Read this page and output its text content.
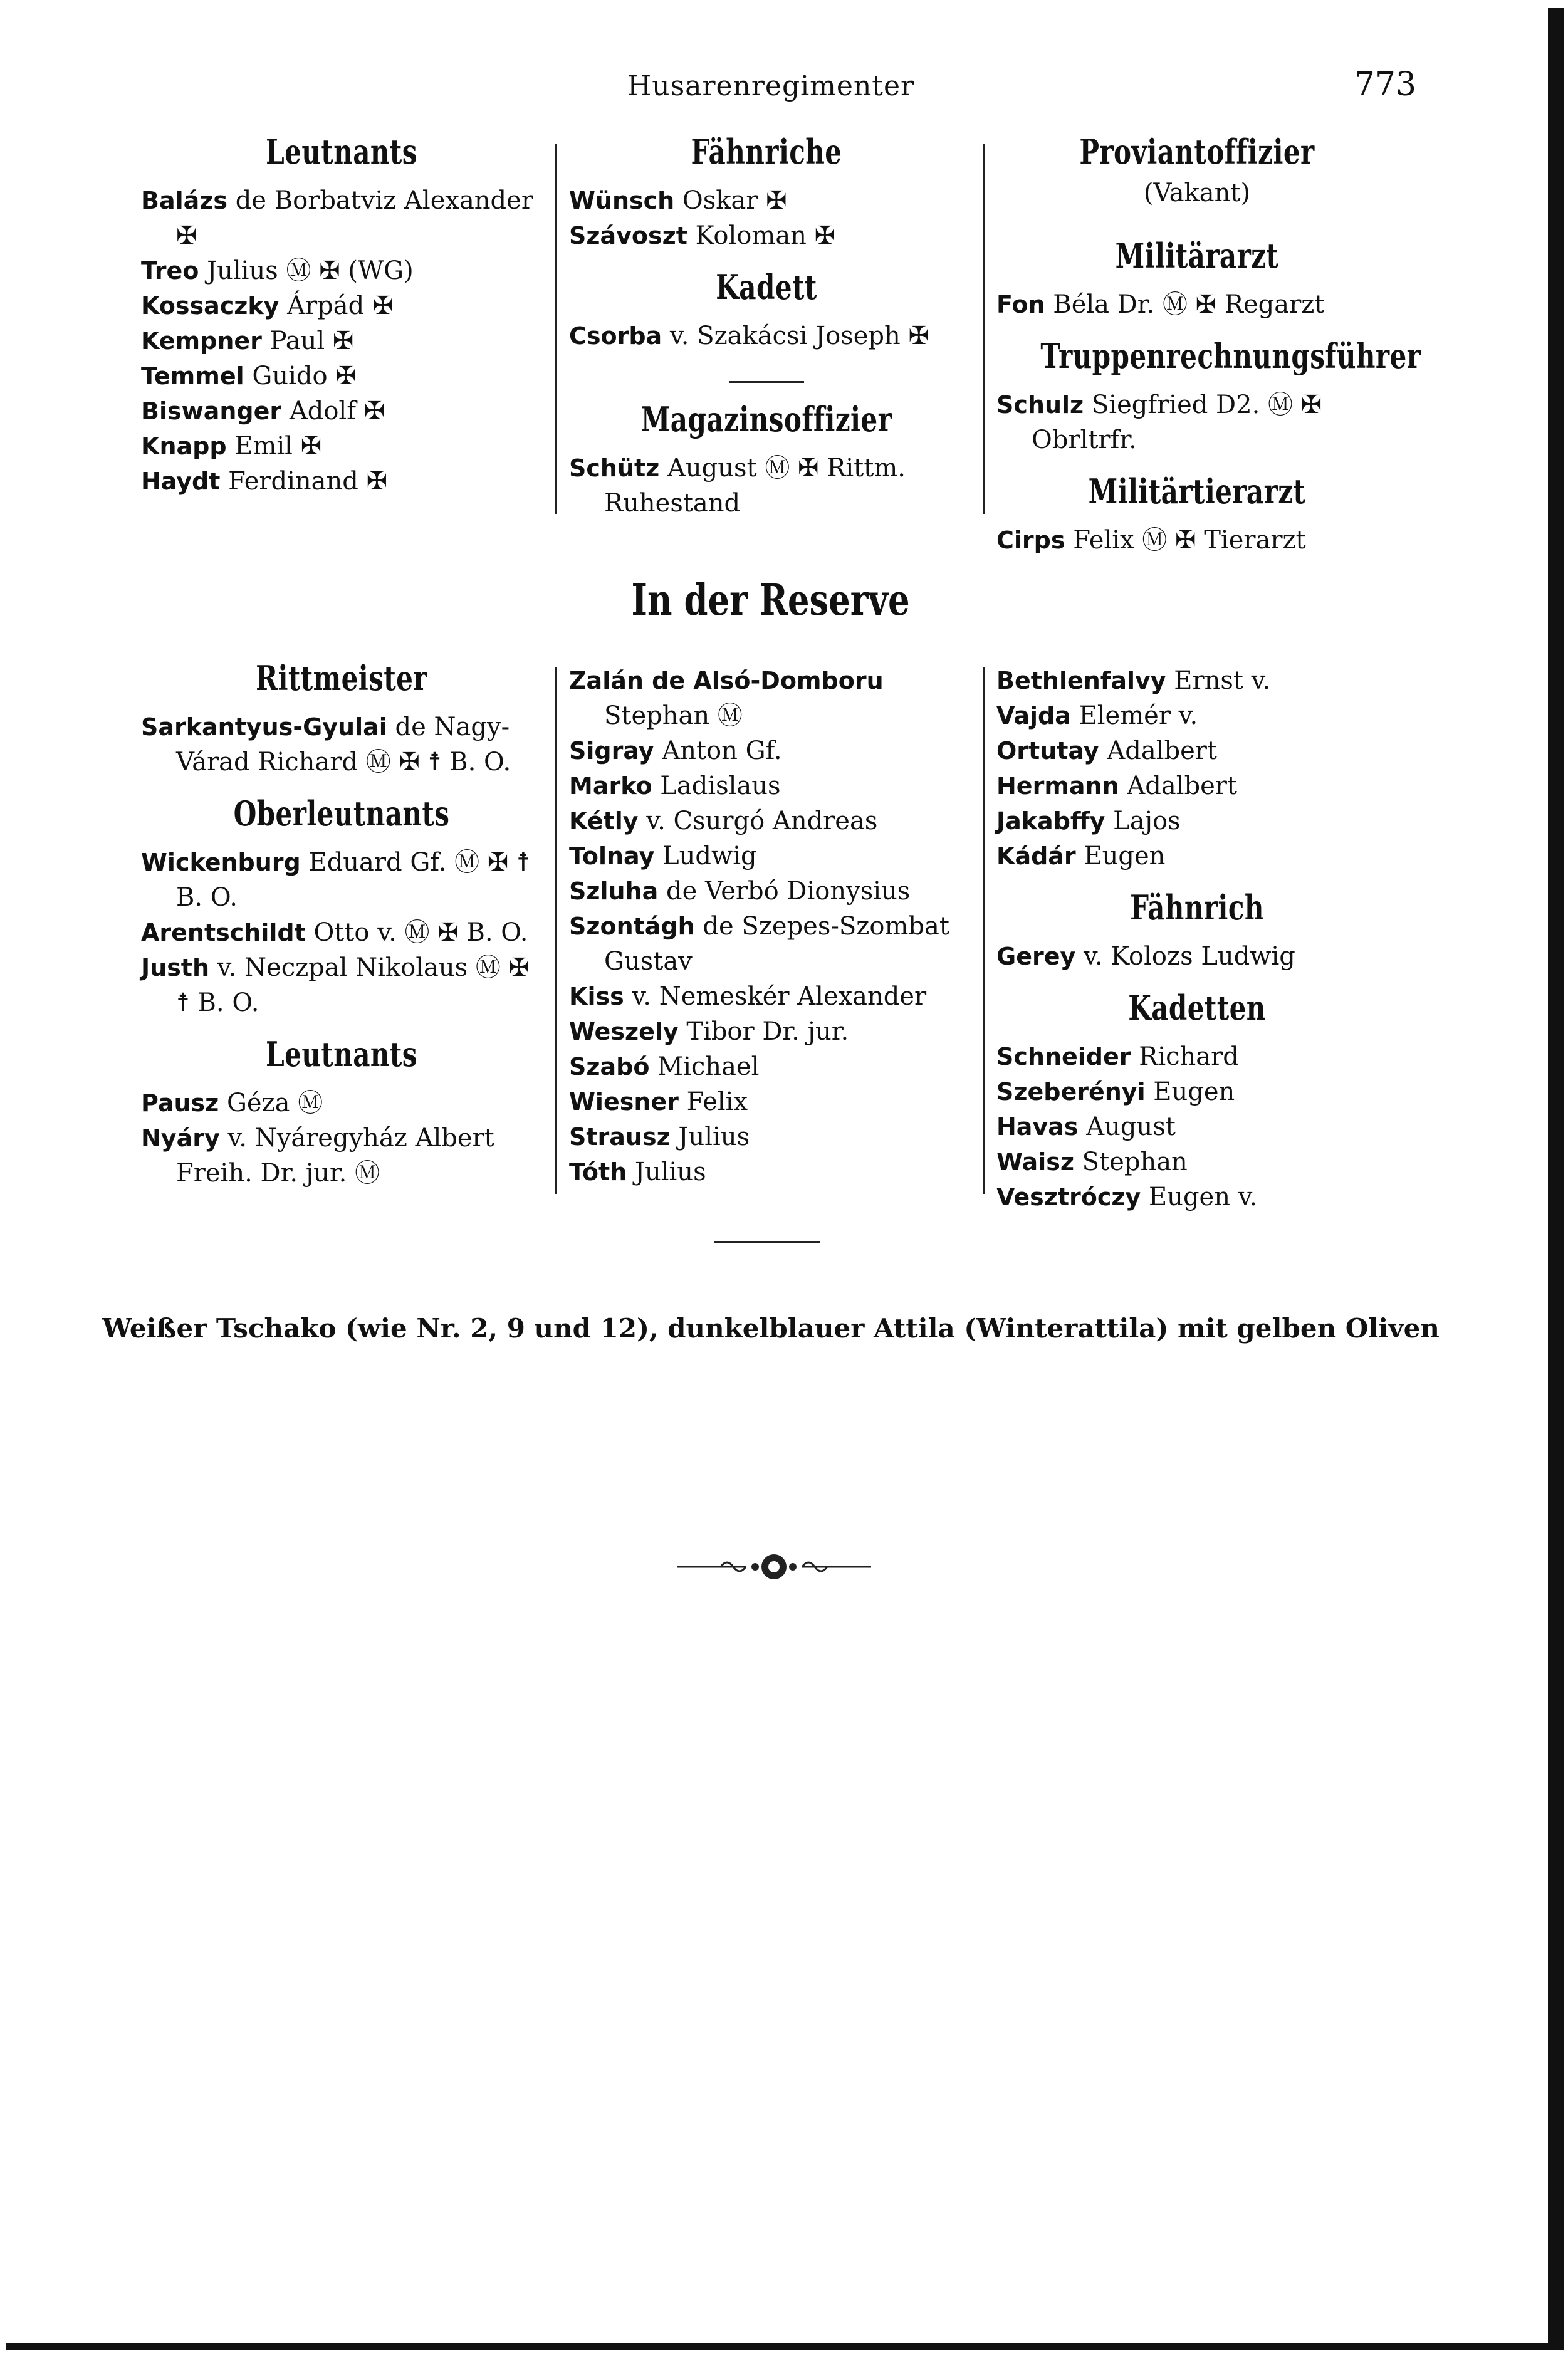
Husarenregimenter	773
Leutnants
Balázs de Borbatviz Alexander ✠
Treo Julius Ⓜ ✠ (WG)
Kossaczky Árpád ✠
Kempner Paul ✠
Temmel Guido ✠
Biswanger Adolf ✠
Knapp Emil ✠
Haydt Ferdinand ✠
Fähnriche
Wünsch Oskar ✠
Szávoszt Koloman ✠
Kadett
Csorba v. Szakácsi Joseph ✠
Magazinsoffizier
Schütz August Ⓜ ✠ Rittm. Ruhestand
Proviantoffizier
(Vakant)
Militärarzt
Fon Béla Dr. Ⓜ ✠ Regarzt
Truppenrechnungsführer
Schulz Siegfried D2. Ⓜ ✠ Obrltrfr.
Militärtierarzt
Cirps Felix Ⓜ ✠ Tierarzt
In der Reserve
Rittmeister
Sarkantyus-Gyulai de Nagy-Várad Richard Ⓜ ✠ ☨ B. O.
Oberleutnants
Wickenburg Eduard Gf. Ⓜ ✠ ☨ B. O.
Arentschildt Otto v. Ⓜ ✠ B. O.
Justh v. Neczpal Nikolaus Ⓜ ✠ ☨ B. O.
Leutnants
Pausz Géza Ⓜ
Nyáry v. Nyáregyház Albert Freih. Dr. jur. Ⓜ
Zalán de Alsó-Domboru Stephan Ⓜ
Sigray Anton Gf.
Marko Ladislaus
Kétly v. Csurgó Andreas
Tolnay Ludwig
Szluha de Verbó Dionysius
Szontágh de Szepes-Szombat Gustav
Kiss v. Nemeskér Alexander
Weszely Tibor Dr. jur.
Szabó Michael
Wiesner Felix
Strausz Julius
Tóth Julius
Bethlenfalvy Ernst v.
Vajda Elemér v.
Ortutay Adalbert
Hermann Adalbert
Jakabffy Lajos
Kádár Eugen
Fähnrich
Gerey v. Kolozs Ludwig
Kadetten
Schneider Richard
Szeberényi Eugen
Havas August
Waisz Stephan
Vesztróczy Eugen v.
Weißer Tschako (wie Nr. 2, 9 und 12), dunkelblauer Attila (Winterattila) mit gelben Oliven
